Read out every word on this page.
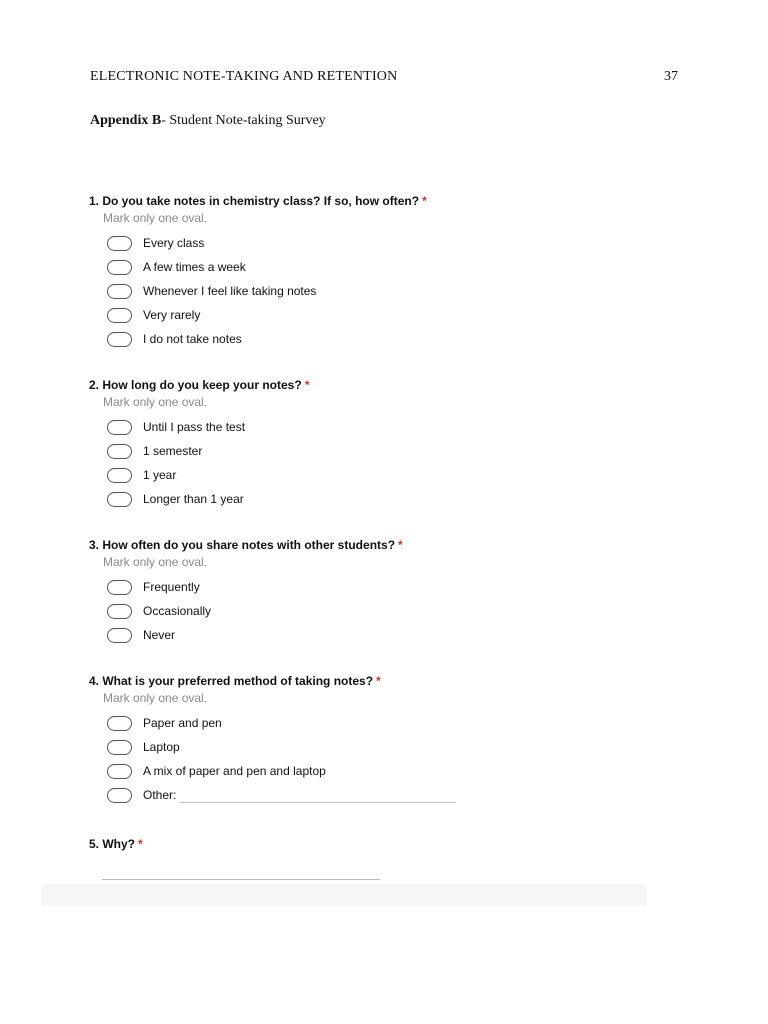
ELECTRONIC NOTE-TAKING AND RETENTION	37
Appendix B- Student Note-taking Survey
1. Do you take notes in chemistry class? If so, how often? *
Mark only one oval.
Every class
A few times a week
Whenever I feel like taking notes
Very rarely
I do not take notes
2. How long do you keep your notes? *
Mark only one oval.
Until I pass the test
1 semester
1 year
Longer than 1 year
3. How often do you share notes with other students? *
Mark only one oval.
Frequently
Occasionally
Never
4. What is your preferred method of taking notes? *
Mark only one oval.
Paper and pen
Laptop
A mix of paper and pen and laptop
Other:
5. Why? *
